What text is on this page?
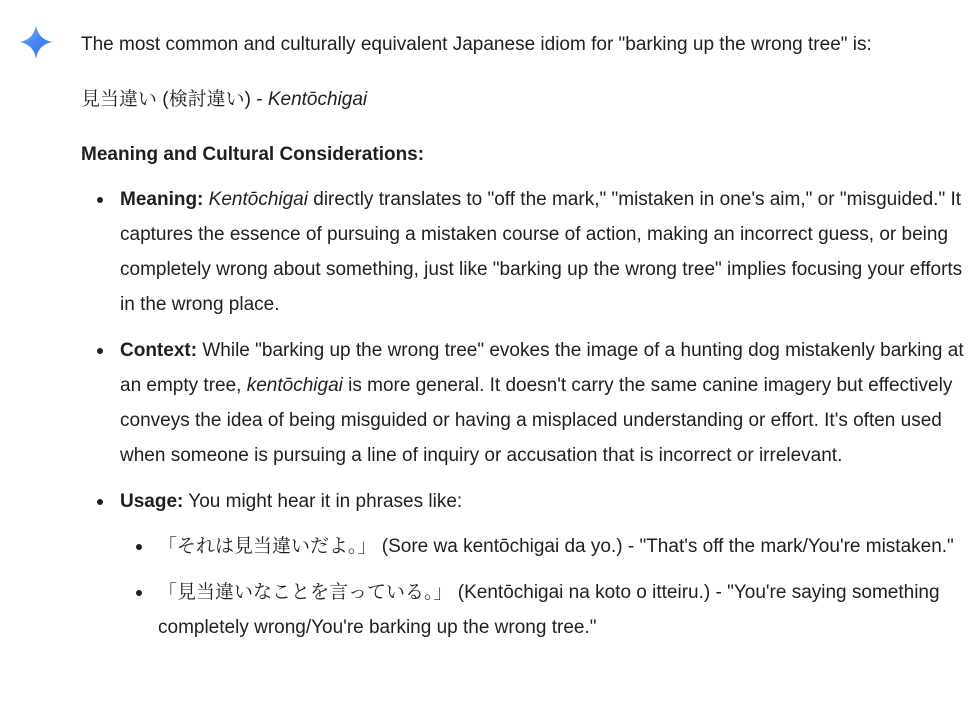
The most common and culturally equivalent Japanese idiom for "barking up the wrong tree" is:

見当違い (検討違い) - Kentōchigai

Meaning and Cultural Considerations:

Meaning: Kentōchigai directly translates to "off the mark," "mistaken in one's aim," or "misguided." It captures the essence of pursuing a mistaken course of action, making an incorrect guess, or being completely wrong about something, just like "barking up the wrong tree" implies focusing your efforts in the wrong place.
Context: While "barking up the wrong tree" evokes the image of a hunting dog mistakenly barking at an empty tree, kentōchigai is more general. It doesn't carry the same canine imagery but effectively conveys the idea of being misguided or having a misplaced understanding or effort. It's often used when someone is pursuing a line of inquiry or accusation that is incorrect or irrelevant.
Usage: You might hear it in phrases like:
「それは見当違いだよ。」 (Sore wa kentōchigai da yo.) - "That's off the mark/You're mistaken."
「見当違いなことを言っている。」 (Kentōchigai na koto o itteiru.) - "You're saying something completely wrong/You're barking up the wrong tree."
